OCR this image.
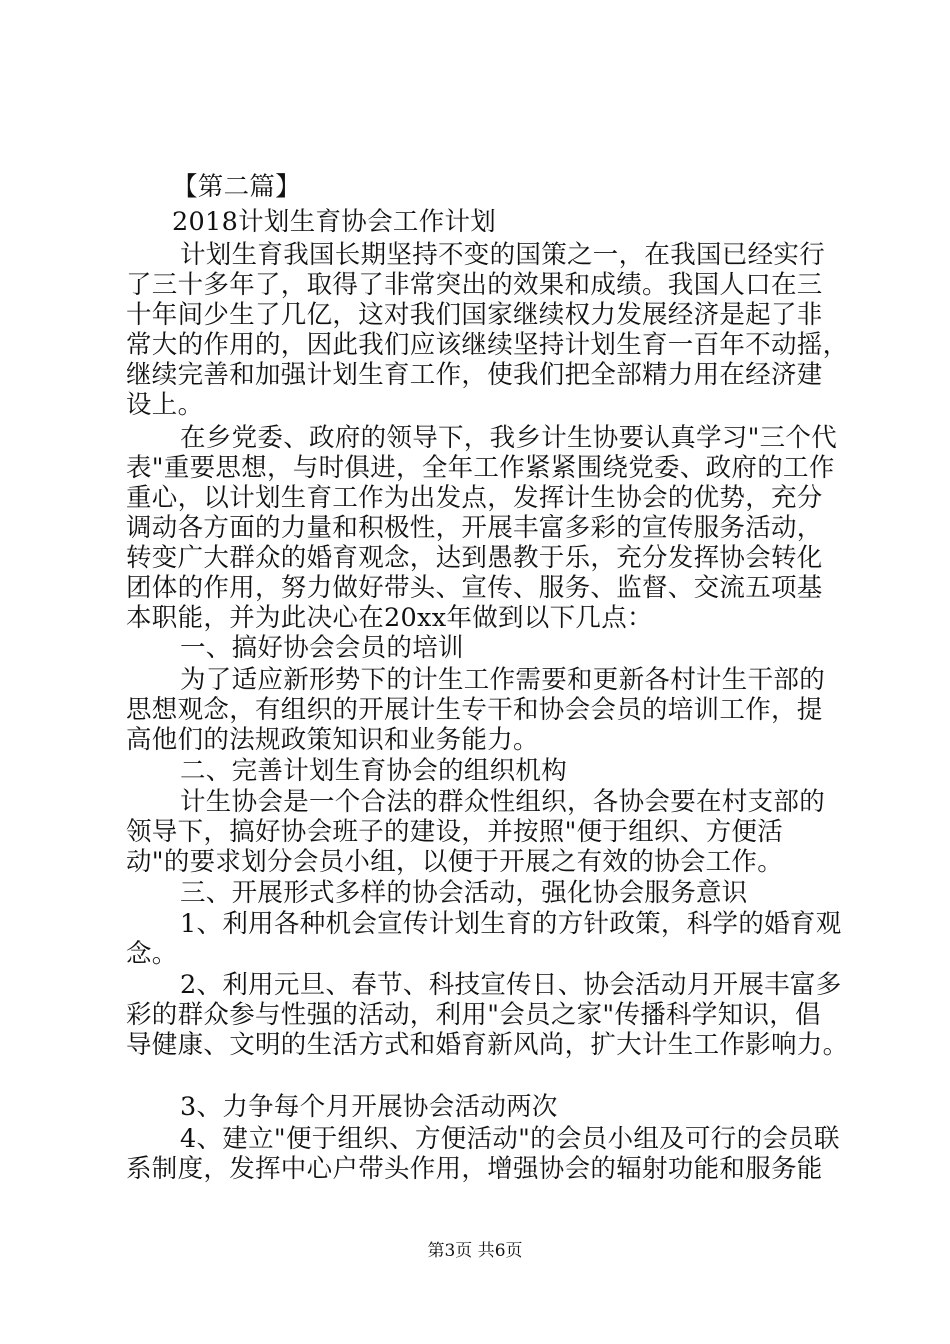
【第二篇】
2018计划生育协会工作计划
计划生育我国长期坚持不变的国策之一，在我国已经实行
了三十多年了，取得了非常突出的效果和成绩。我国人口在三
十年间少生了几亿，这对我们国家继续权力发展经济是起了非
常大的作用的，因此我们应该继续坚持计划生育一百年不动摇，
继续完善和加强计划生育工作，使我们把全部精力用在经济建
设上。
在乡党委、政府的领导下，我乡计生协要认真学习"三个代
表"重要思想，与时俱进，全年工作紧紧围绕党委、政府的工作
重心，以计划生育工作为出发点，发挥计生协会的优势，充分
调动各方面的力量和积极性，开展丰富多彩的宣传服务活动，
转变广大群众的婚育观念，达到愚教于乐，充分发挥协会转化
团体的作用，努力做好带头、宣传、服务、监督、交流五项基
本职能，并为此决心在20xx年做到以下几点：
一、搞好协会会员的培训
为了适应新形势下的计生工作需要和更新各村计生干部的
思想观念，有组织的开展计生专干和协会会员的培训工作，提
高他们的法规政策知识和业务能力。
二、完善计划生育协会的组织机构
计生协会是一个合法的群众性组织，各协会要在村支部的
领导下，搞好协会班子的建设，并按照"便于组织、方便活
动"的要求划分会员小组，以便于开展之有效的协会工作。
三、开展形式多样的协会活动，强化协会服务意识
1、利用各种机会宣传计划生育的方针政策，科学的婚育观
念。
2、利用元旦、春节、科技宣传日、协会活动月开展丰富多
彩的群众参与性强的活动，利用"会员之家"传播科学知识，倡
导健康、文明的生活方式和婚育新风尚，扩大计生工作影响力。
3、力争每个月开展协会活动两次
4、建立"便于组织、方便活动"的会员小组及可行的会员联
系制度，发挥中心户带头作用，增强协会的辐射功能和服务能
第3页 共6页
